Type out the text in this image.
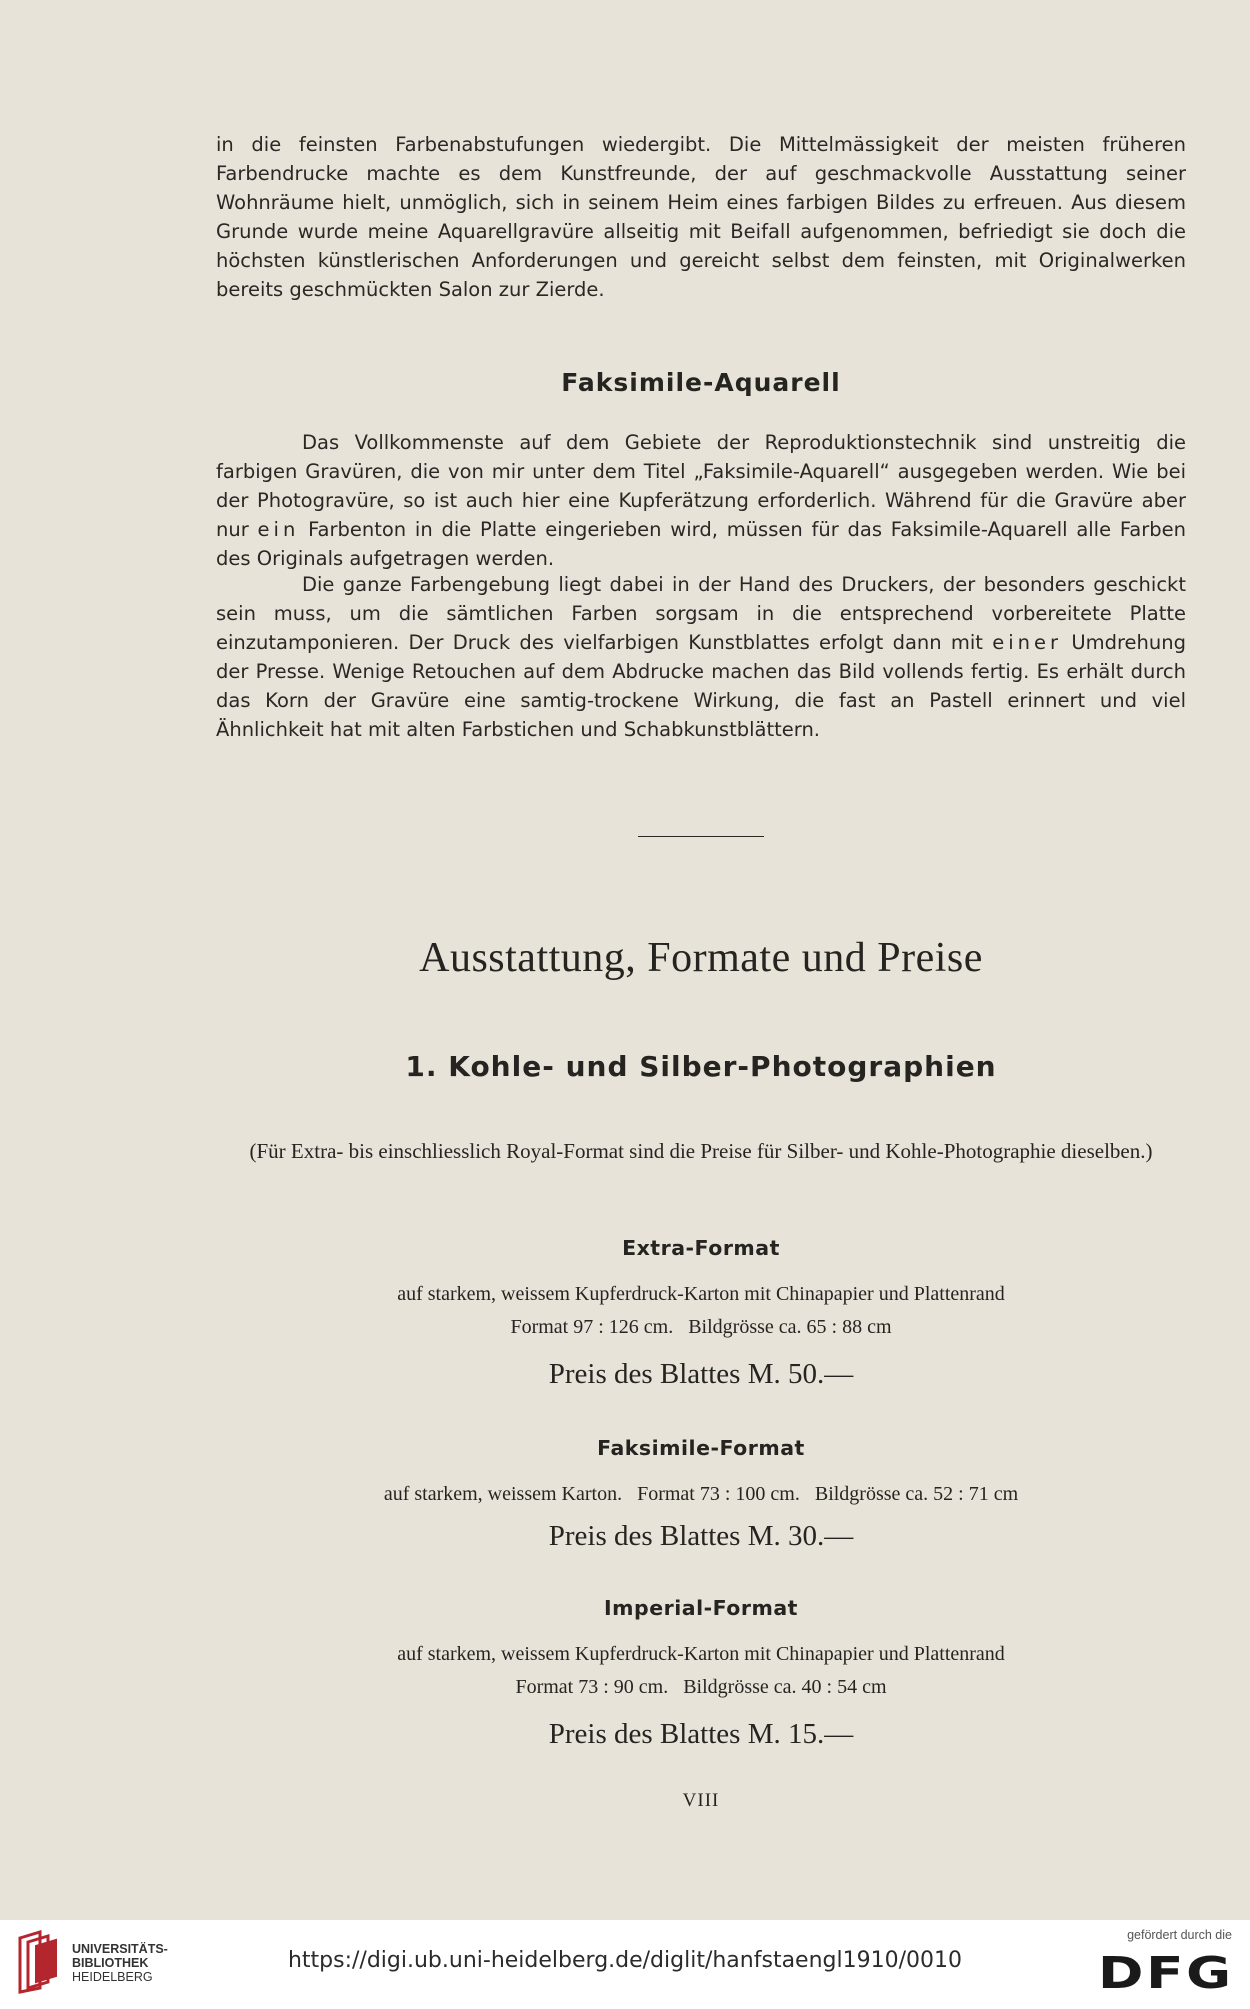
in die feinsten Farbenabstufungen wiedergibt. Die Mittelmässigkeit der meisten früheren Farbendrucke machte es dem Kunstfreunde, der auf geschmackvolle Ausstattung seiner Wohnräume hielt, unmöglich, sich in seinem Heim eines farbigen Bildes zu erfreuen. Aus diesem Grunde wurde meine Aquarellgravüre allseitig mit Beifall aufgenommen, befriedigt sie doch die höchsten künstlerischen Anforderungen und gereicht selbst dem feinsten, mit Originalwerken bereits geschmückten Salon zur Zierde.

Faksimile-Aquarell

Das Vollkommenste auf dem Gebiete der Reproduktionstechnik sind unstreitig die farbigen Gravüren, die von mir unter dem Titel „Faksimile-Aquarell“ ausgegeben werden. Wie bei der Photogravüre, so ist auch hier eine Kupferätzung erforderlich. Während für die Gravüre aber nur ein Farbenton in die Platte eingerieben wird, müssen für das Faksimile-Aquarell alle Farben des Originals aufgetragen werden.

Die ganze Farbengebung liegt dabei in der Hand des Druckers, der besonders geschickt sein muss, um die sämtlichen Farben sorgsam in die entsprechend vorbereitete Platte einzutamponieren. Der Druck des vielfarbigen Kunstblattes erfolgt dann mit einer Umdrehung der Presse. Wenige Retouchen auf dem Abdrucke machen das Bild vollends fertig. Es erhält durch das Korn der Gravüre eine samtig-trockene Wirkung, die fast an Pastell erinnert und viel Ähnlichkeit hat mit alten Farbstichen und Schabkunstblättern.

Ausstattung, Formate und Preise
1. Kohle- und Silber-Photographien

(Für Extra- bis einschliesslich Royal-Format sind die Preise für Silber- und Kohle-Photographie dieselben.)

Extra-Format
auf starkem, weissem Kupferdruck-Karton mit Chinapapier und Plattenrand
Format 97 : 126 cm.   Bildgrösse ca. 65 : 88 cm

Preis des Blattes M. 50.—

Faksimile-Format
auf starkem, weissem Karton.   Format 73 : 100 cm.   Bildgrösse ca. 52 : 71 cm

Preis des Blattes M. 30.—

Imperial-Format
auf starkem, weissem Kupferdruck-Karton mit Chinapapier und Plattenrand
Format 73 : 90 cm.   Bildgrösse ca. 40 : 54 cm

Preis des Blattes M. 15.—

VIII

UNIVERSITÄTS-
BIBLIOTHEK
HEIDELBERG

https://digi.ub.uni-heidelberg.de/diglit/hanfstaengl1910/0010

gefördert durch die

DFG
